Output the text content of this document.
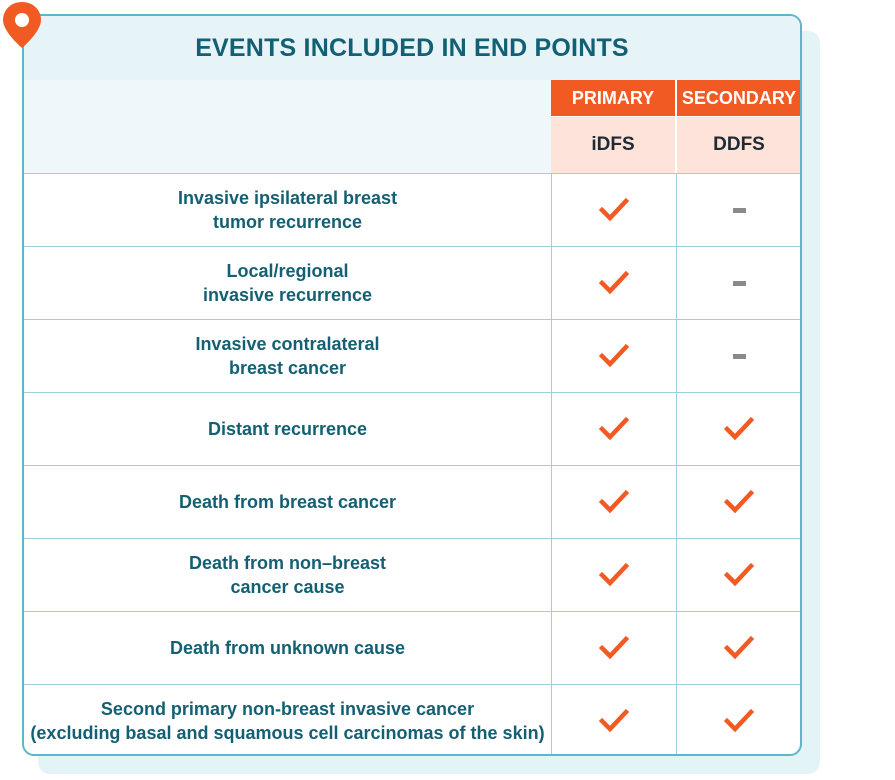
EVENTS INCLUDED IN END POINTS
PRIMARY	SECONDARY
iDFS	DDFS
Invasive ipsilateral breast
tumor recurrence
Local/regional
invasive recurrence
Invasive contralateral
breast cancer
Distant recurrence
Death from breast cancer
Death from non–breast
cancer cause
Death from unknown cause
Second primary non-breast invasive cancer
(excluding basal and squamous cell carcinomas of the skin)
